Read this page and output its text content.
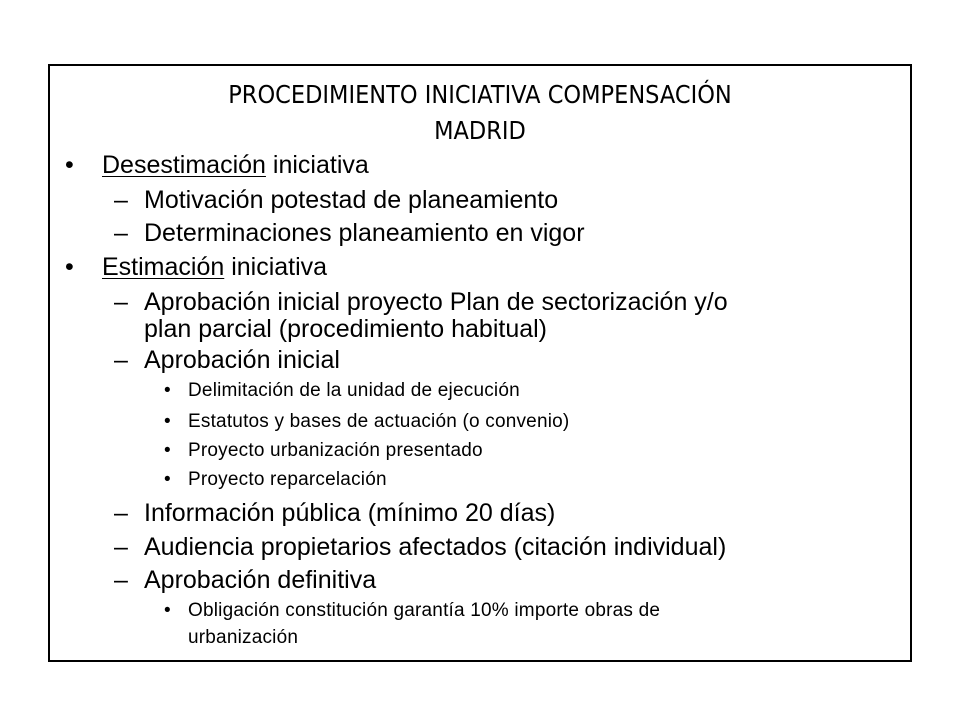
PROCEDIMIENTO INICIATIVA COMPENSACIÓN
MADRID
• Desestimación iniciativa
– Motivación potestad de planeamiento
– Determinaciones planeamiento en vigor
• Estimación iniciativa
– Aprobación inicial proyecto Plan de sectorización y/o
plan parcial (procedimiento habitual)
– Aprobación inicial
• Delimitación de la unidad de ejecución
• Estatutos y bases de actuación (o convenio)
• Proyecto urbanización presentado
• Proyecto reparcelación
– Información pública (mínimo 20 días)
– Audiencia propietarios afectados (citación individual)
– Aprobación definitiva
• Obligación constitución garantía 10% importe obras de
urbanización
